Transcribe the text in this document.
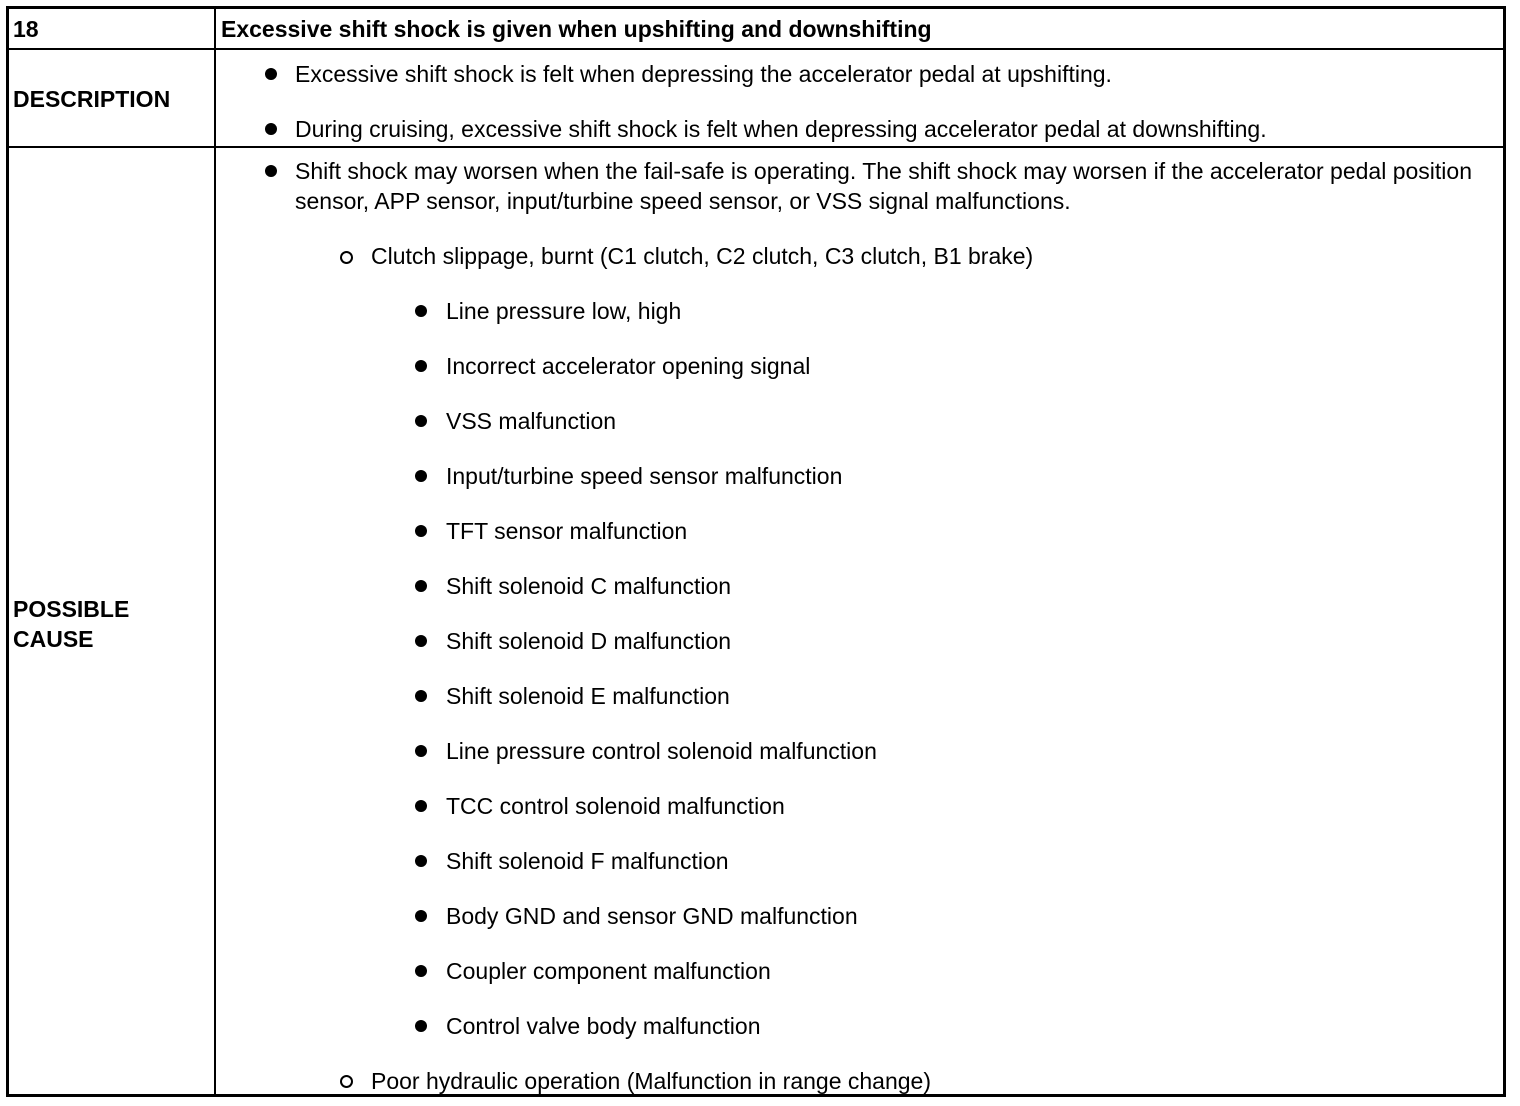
18	Excessive shift shock is given when upshifting and downshifting
DESCRIPTION
Excessive shift shock is felt when depressing the accelerator pedal at upshifting.
During cruising, excessive shift shock is felt when depressing accelerator pedal at downshifting.
POSSIBLE CAUSE
Shift shock may worsen when the fail-safe is operating. The shift shock may worsen if the accelerator pedal position sensor, APP sensor, input/turbine speed sensor, or VSS signal malfunctions.
Clutch slippage, burnt (C1 clutch, C2 clutch, C3 clutch, B1 brake)
Line pressure low, high
Incorrect accelerator opening signal
VSS malfunction
Input/turbine speed sensor malfunction
TFT sensor malfunction
Shift solenoid C malfunction
Shift solenoid D malfunction
Shift solenoid E malfunction
Line pressure control solenoid malfunction
TCC control solenoid malfunction
Shift solenoid F malfunction
Body GND and sensor GND malfunction
Coupler component malfunction
Control valve body malfunction
Poor hydraulic operation (Malfunction in range change)
